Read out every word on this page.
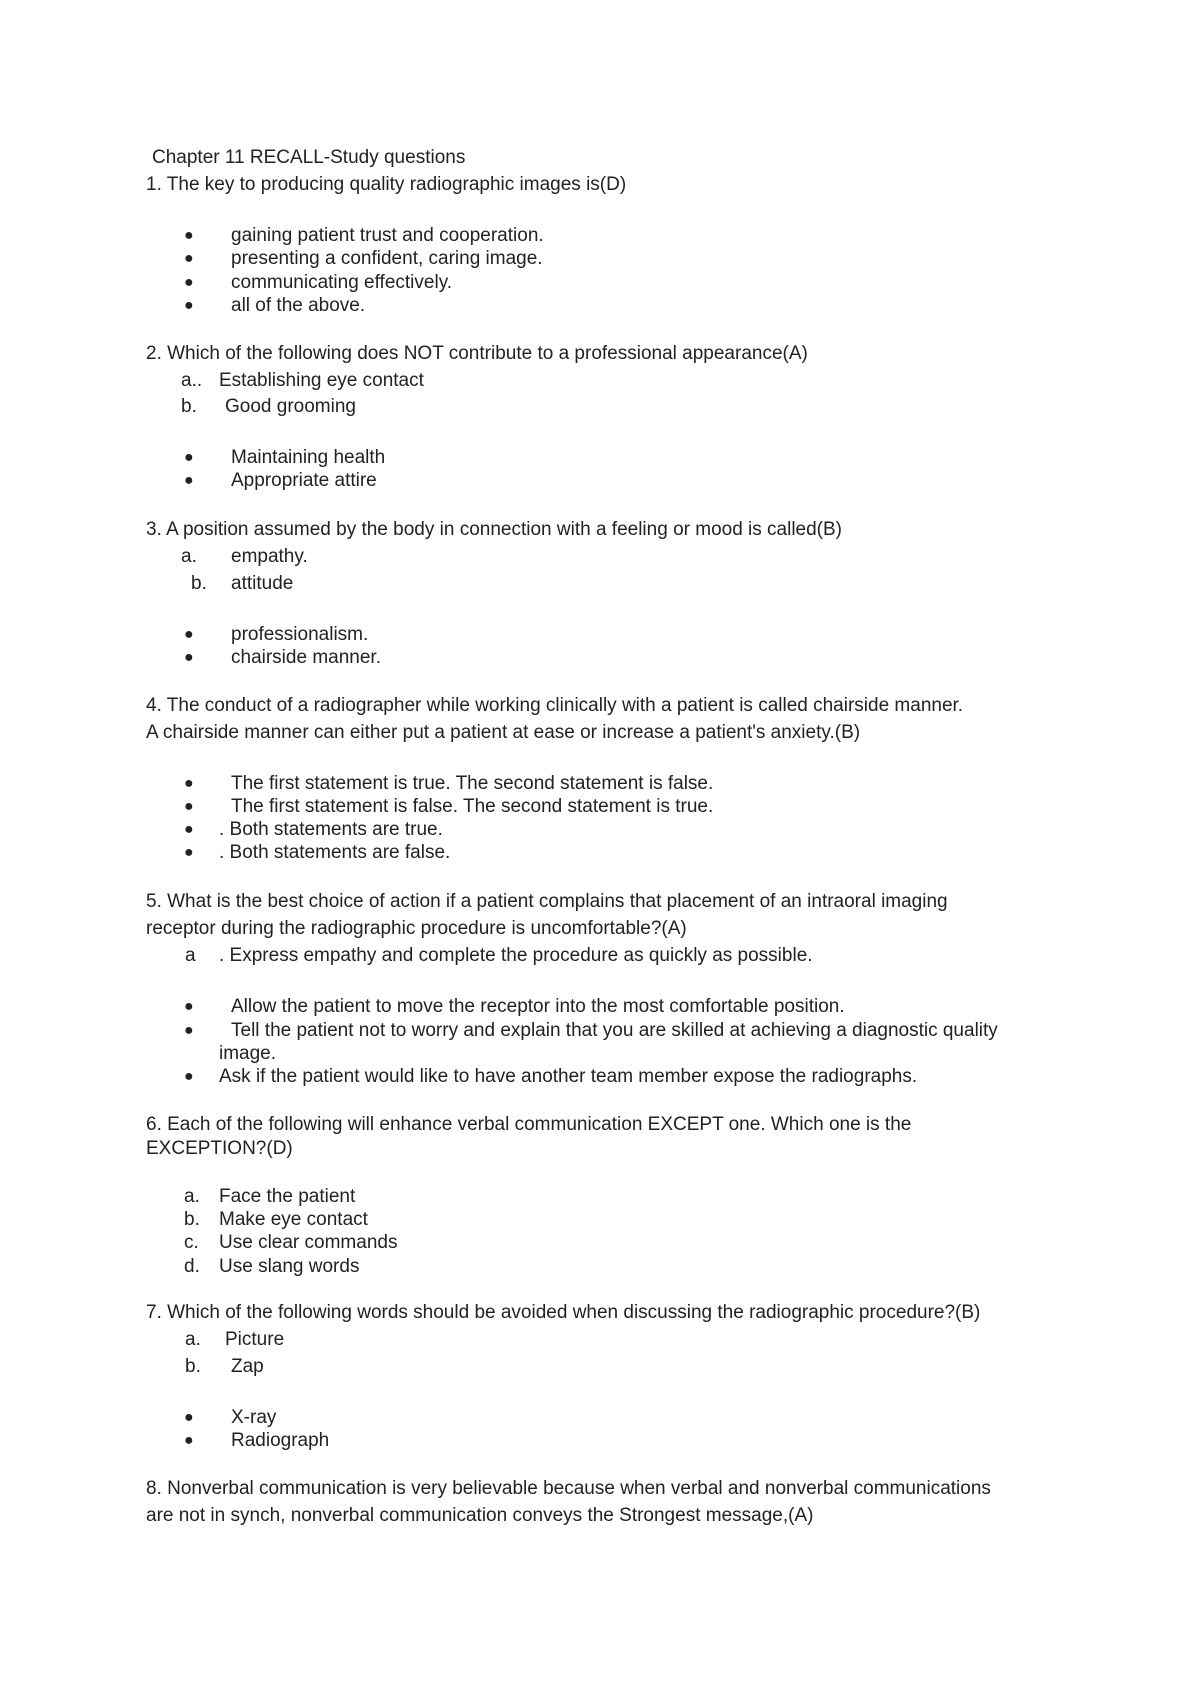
Chapter 11 RECALL-Study questions
1. The key to producing quality radiographic images is(D)
● gaining patient trust and cooperation.
● presenting a confident, caring image.
● communicating effectively.
● all of the above.
2. Which of the following does NOT contribute to a professional appearance(A)
a.. Establishing eye contact
b. Good grooming
● Maintaining health
● Appropriate attire
3. A position assumed by the body in connection with a feeling or mood is called(B)
a. empathy.
b. attitude
● professionalism.
● chairside manner.
4. The conduct of a radiographer while working clinically with a patient is called chairside manner.
A chairside manner can either put a patient at ease or increase a patient's anxiety.(B)
● The first statement is true. The second statement is false.
● The first statement is false. The second statement is true.
● . Both statements are true.
● . Both statements are false.
5. What is the best choice of action if a patient complains that placement of an intraoral imaging
receptor during the radiographic procedure is uncomfortable?(A)
a . Express empathy and complete the procedure as quickly as possible.
● Allow the patient to move the receptor into the most comfortable position.
● Tell the patient not to worry and explain that you are skilled at achieving a diagnostic quality
image.
● Ask if the patient would like to have another team member expose the radiographs.
6. Each of the following will enhance verbal communication EXCEPT one. Which one is the
EXCEPTION?(D)
a. Face the patient
b. Make eye contact
c. Use clear commands
d. Use slang words
7. Which of the following words should be avoided when discussing the radiographic procedure?(B)
a. Picture
b. Zap
● X-ray
● Radiograph
8. Nonverbal communication is very believable because when verbal and nonverbal communications
are not in synch, nonverbal communication conveys the Strongest message,(A)
